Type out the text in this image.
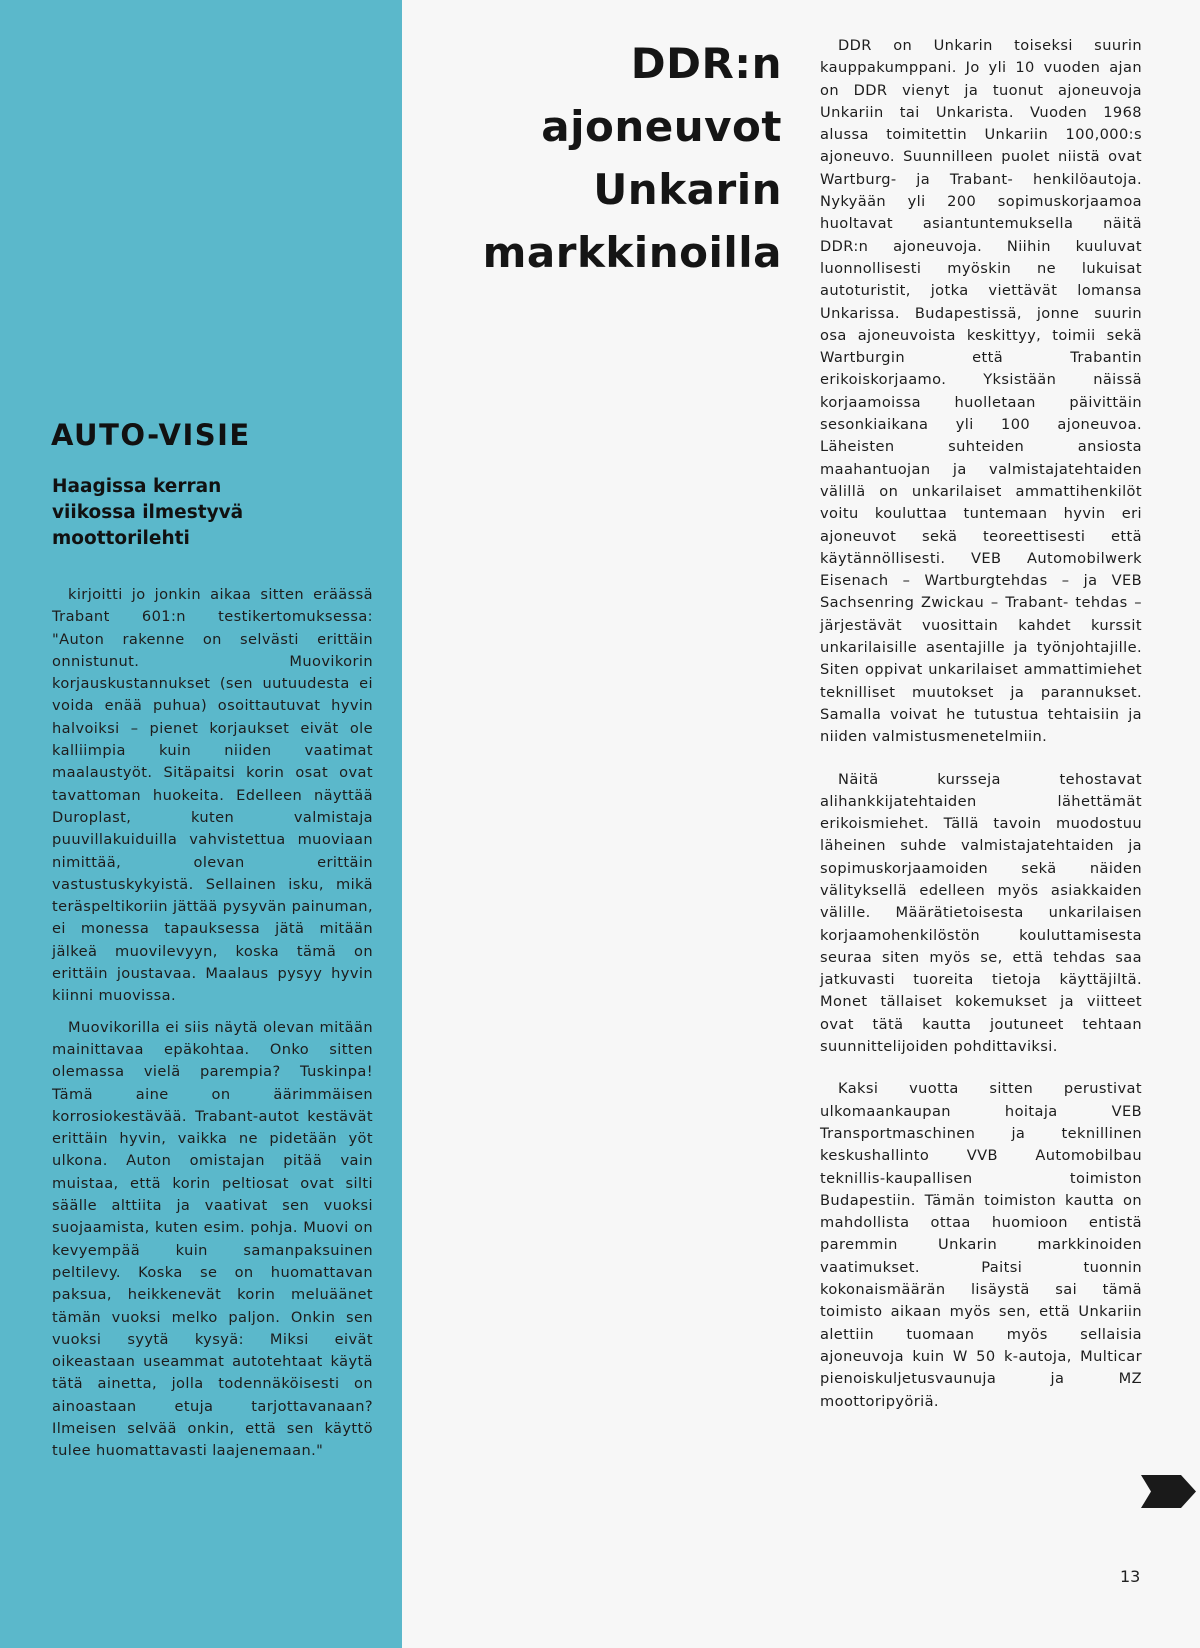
AUTO-VISIE
Haagissa kerran viikossa ilmestyvä moottorilehti

kirjoitti jo jonkin aikaa sitten eräässä Trabant 601:n testikertomuksessa: "Auton rakenne on selvästi erittäin onnistunut. Muovikorin korjauskustannukset (sen uutuudesta ei voida enää puhua) osoittautuvat hyvin halvoiksi – pienet korjaukset eivät ole kalliimpia kuin niiden vaatimat maalaustyöt. Sitäpaitsi korin osat ovat tavattoman huokeita. Edelleen näyttää Duroplast, kuten valmistaja puuvillakuiduilla vahvistettua muoviaan nimittää, olevan erittäin vastustuskykyistä. Sellainen isku, mikä teräspeltikoriin jättää pysyvän painuman, ei monessa tapauksessa jätä mitään jälkeä muovilevyyn, koska tämä on erittäin joustavaa. Maalaus pysyy hyvin kiinni muovissa.

Muovikorilla ei siis näytä olevan mitään mainittavaa epäkohtaa. Onko sitten olemassa vielä parempia? Tuskinpa! Tämä aine on äärimmäisen korrosiokestävää. Trabant-autot kestävät erittäin hyvin, vaikka ne pidetään yöt ulkona. Auton omistajan pitää vain muistaa, että korin peltiosat ovat silti säälle alttiita ja vaativat sen vuoksi suojaamista, kuten esim. pohja. Muovi on kevyempää kuin samanpaksuinen peltilevy. Koska se on huomattavan paksua, heikkenevät korin meluäänet tämän vuoksi melko paljon. Onkin sen vuoksi syytä kysyä: Miksi eivät oikeastaan useammat autotehtaat käytä tätä ainetta, jolla todennäköisesti on ainoastaan etuja tarjottavanaan? Ilmeisen selvää onkin, että sen käyttö tulee huomattavasti laajenemaan."

DDR:n
ajoneuvot
Unkarin
markkinoilla

DDR on Unkarin toiseksi suurin kauppakumppani. Jo yli 10 vuoden ajan on DDR vienyt ja tuonut ajoneuvoja Unkariin tai Unkarista. Vuoden 1968 alussa toimitettin Unkariin 100,000:s ajoneuvo. Suunnilleen puolet niistä ovat Wartburg- ja Trabant- henkilöautoja. Nykyään yli 200 sopimuskorjaamoa huoltavat asiantuntemuksella näitä DDR:n ajoneuvoja. Niihin kuuluvat luonnollisesti myöskin ne lukuisat autoturistit, jotka viettävät lomansa Unkarissa. Budapestissä, jonne suurin osa ajoneuvoista keskittyy, toimii sekä Wartburgin että Trabantin erikoiskorjaamo. Yksistään näissä korjaamoissa huolletaan päivittäin sesonkiaikana yli 100 ajoneuvoa. Läheisten suhteiden ansiosta maahantuojan ja valmistajatehtaiden välillä on unkarilaiset ammattihenkilöt voitu kouluttaa tuntemaan hyvin eri ajoneuvot sekä teoreettisesti että käytännöllisesti. VEB Automobilwerk Eisenach – Wartburgtehdas – ja VEB Sachsenring Zwickau – Trabant- tehdas – järjestävät vuosittain kahdet kurssit unkarilaisille asentajille ja työnjohtajille. Siten oppivat unkarilaiset ammattimiehet teknilliset muutokset ja parannukset. Samalla voivat he tutustua tehtaisiin ja niiden valmistusmenetelmiin.

Näitä kursseja tehostavat alihankkijatehtaiden lähettämät erikoismiehet. Tällä tavoin muodostuu läheinen suhde valmistajatehtaiden ja sopimuskorjaamoiden sekä näiden välityksellä edelleen myös asiakkaiden välille. Määrätietoisesta unkarilaisen korjaamohenkilöstön kouluttamisesta seuraa siten myös se, että tehdas saa jatkuvasti tuoreita tietoja käyttäjiltä. Monet tällaiset kokemukset ja viitteet ovat tätä kautta joutuneet tehtaan suunnittelijoiden pohdittaviksi.

Kaksi vuotta sitten perustivat ulkomaankaupan hoitaja VEB Transportmaschinen ja teknillinen keskushallinto VVB Automobilbau teknillis-kaupallisen toimiston Budapestiin. Tämän toimiston kautta on mahdollista ottaa huomioon entistä paremmin Unkarin markkinoiden vaatimukset. Paitsi tuonnin kokonaismäärän lisäystä sai tämä toimisto aikaan myös sen, että Unkariin alettiin tuomaan myös sellaisia ajoneuvoja kuin W 50 k-autoja, Multicar pienoiskuljetusvaunuja ja MZ moottoripyöriä.

13
